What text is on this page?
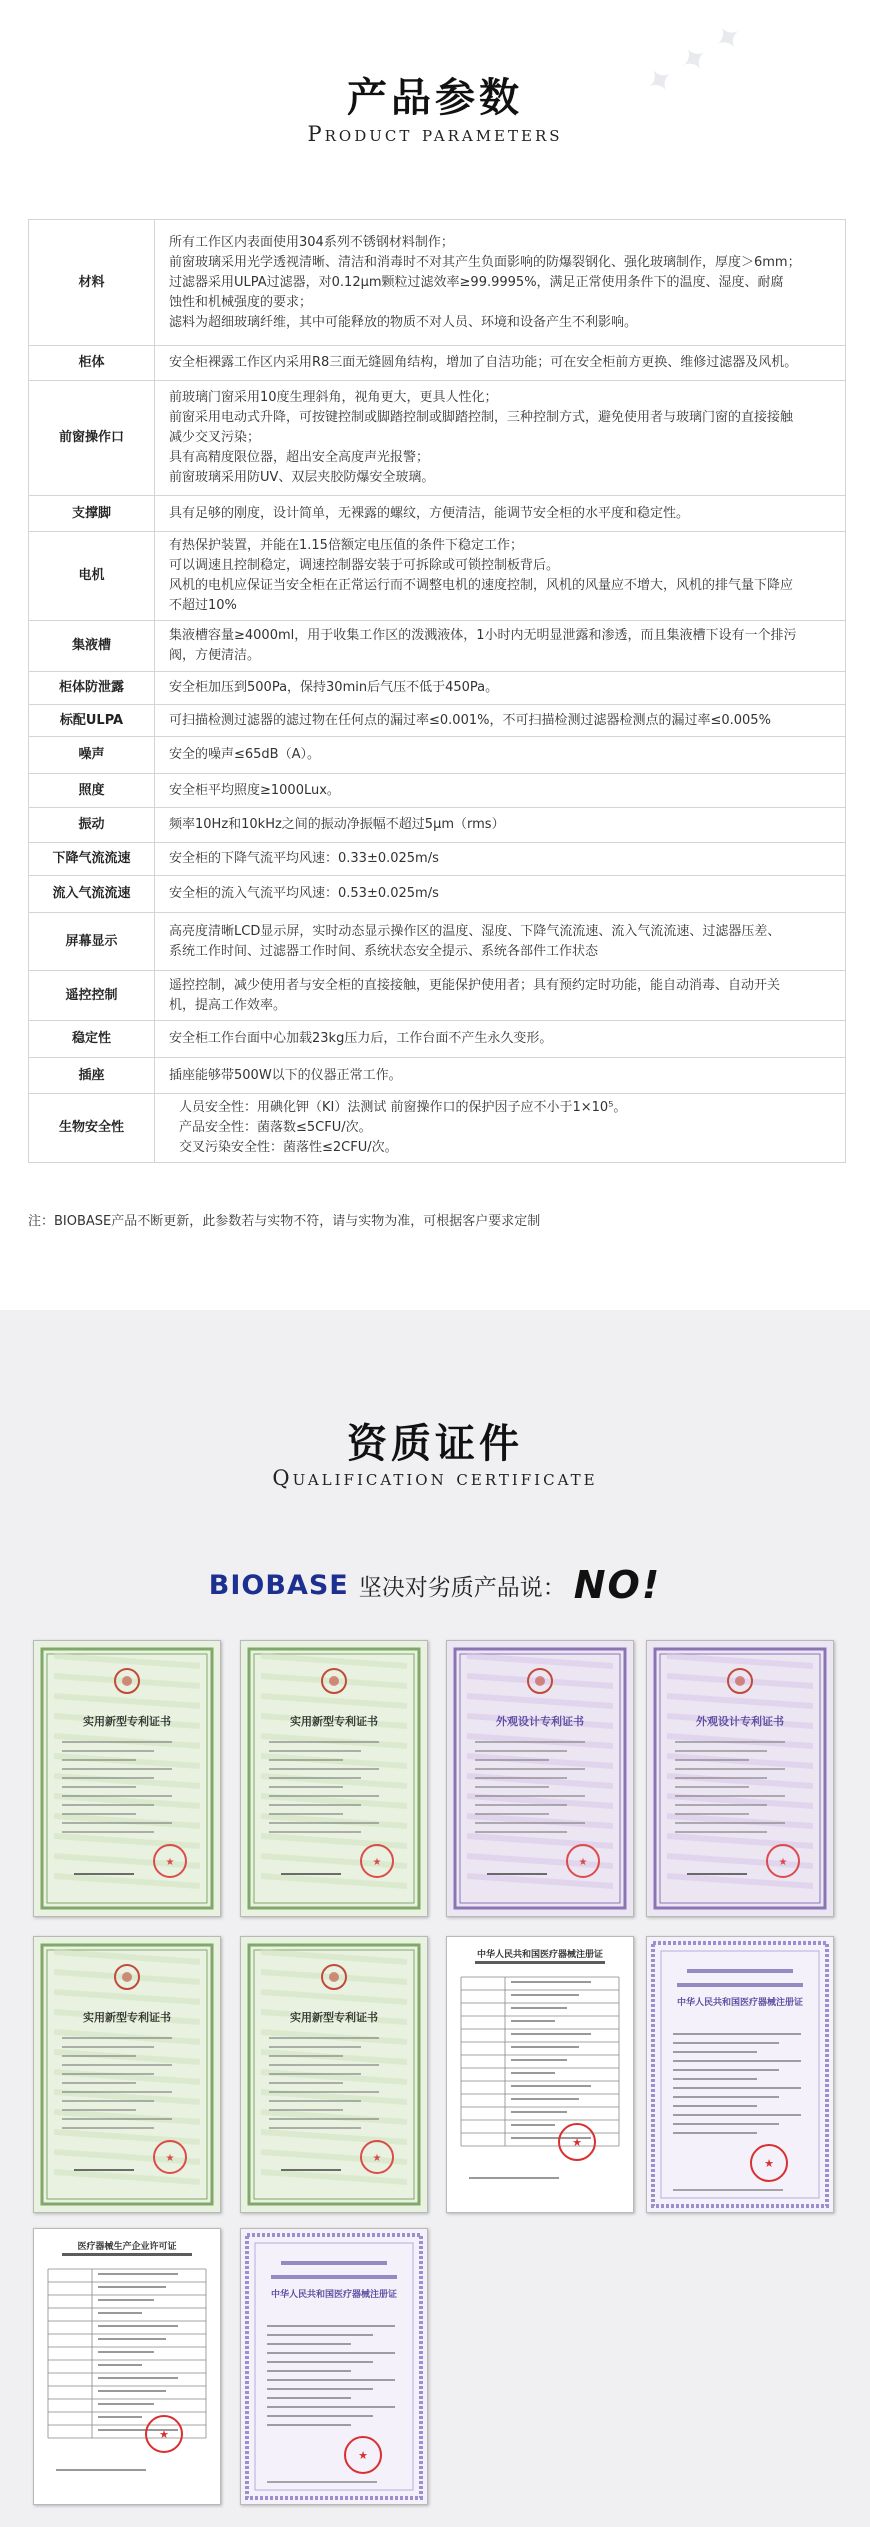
✦ ✦ ✦
产品参数
Product parameters
材料	所有工作区内表面使用304系列不锈钢材料制作；
前窗玻璃采用光学透视清晰、清洁和消毒时不对其产生负面影响的防爆裂钢化、强化玻璃制作，厚度＞6mm；
过滤器采用ULPA过滤器，对0.12μm颗粒过滤效率≥99.9995%，满足正常使用条件下的温度、湿度、耐腐
蚀性和机械强度的要求；
滤料为超细玻璃纤维，其中可能释放的物质不对人员、环境和设备产生不利影响。

柜体	安全柜裸露工作区内采用R8三面无缝圆角结构，增加了自洁功能；可在安全柜前方更换、维修过滤器及风机。

前窗操作口	前玻璃门窗采用10度生理斜角，视角更大，更具人性化；
前窗采用电动式升降，可按键控制或脚踏控制或脚踏控制，三种控制方式，避免使用者与玻璃门窗的直接接触
减少交叉污染；
具有高精度限位器，超出安全高度声光报警；
前窗玻璃采用防UV、双层夹胶防爆安全玻璃。

支撑脚	具有足够的刚度，设计简单，无裸露的螺纹，方便清洁，能调节安全柜的水平度和稳定性。

电机	有热保护装置，并能在1.15倍额定电压值的条件下稳定工作；
可以调速且控制稳定，调速控制器安装于可拆除或可锁控制板背后。
风机的电机应保证当安全柜在正常运行而不调整电机的速度控制，风机的风量应不增大，风机的排气量下降应
不超过10%

集液槽	集液槽容量≥4000ml，用于收集工作区的泼溅液体，1小时内无明显泄露和渗透，而且集液槽下设有一个排污
阀，方便清洁。

柜体防泄露	安全柜加压到500Pa，保持30min后气压不低于450Pa。

标配ULPA	可扫描检测过滤器的滤过物在任何点的漏过率≤0.001%，不可扫描检测过滤器检测点的漏过率≤0.005%

噪声	安全的噪声≤65dB（A）。

照度	安全柜平均照度≥1000Lux。

振动	频率10Hz和10kHz之间的振动净振幅不超过5μm（rms）

下降气流流速	安全柜的下降气流平均风速：0.33±0.025m/s

流入气流流速	安全柜的流入气流平均风速：0.53±0.025m/s

屏幕显示	高亮度清晰LCD显示屏，实时动态显示操作区的温度、湿度、下降气流流速、流入气流流速、过滤器压差、
系统工作时间、过滤器工作时间、系统状态安全提示、系统各部件工作状态

遥控控制	遥控控制，减少使用者与安全柜的直接接触，更能保护使用者；具有预约定时功能，能自动消毒、自动开关
机，提高工作效率。

稳定性	安全柜工作台面中心加载23kg压力后，工作台面不产生永久变形。

插座	插座能够带500W以下的仪器正常工作。

生物安全性	人员安全性：用碘化钾（KI）法测试 前窗操作口的保护因子应不小于1×10⁵。
产品安全性：菌落数≤5CFU/次。
交叉污染安全性：菌落性≤2CFU/次。
注：BIOBASE产品不断更新，此参数若与实物不符，请与实物为准，可根据客户要求定制
资质证件
Qualification certificate
BIOBASE 坚决对劣质产品说： NO!
★
实用新型专利证书
★
实用新型专利证书
★
外观设计专利证书
★
外观设计专利证书
★
实用新型专利证书
★
实用新型专利证书
★
中华人民共和国医疗器械注册证
★
中华人民共和国医疗器械注册证
★
医疗器械生产企业许可证
★
中华人民共和国医疗器械注册证
